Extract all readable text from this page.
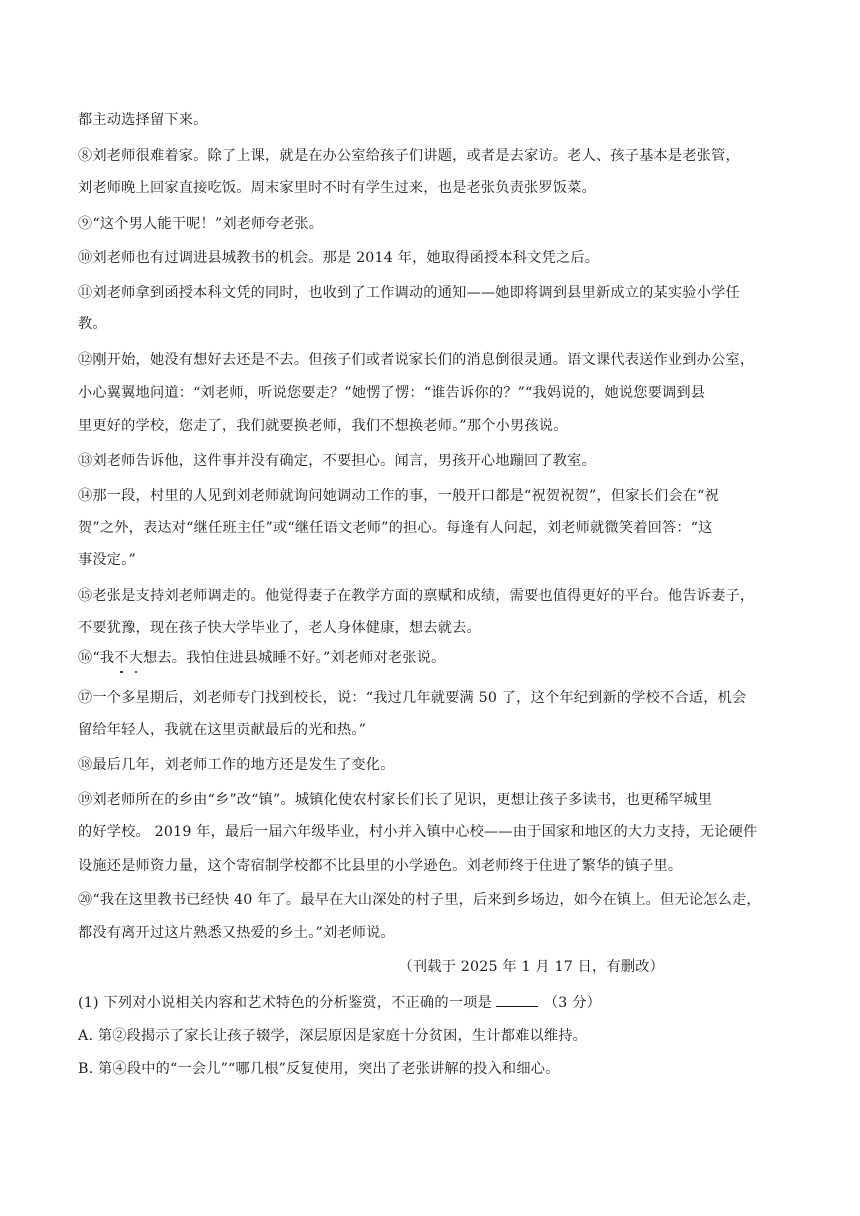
都主动选择留下来。
⑧刘老师很难着家。除了上课，就是在办公室给孩子们讲题，或者是去家访。老人、孩子基本是老张管，
刘老师晚上回家直接吃饭。周末家里时不时有学生过来，也是老张负责张罗饭菜。
⑨“这个男人能干呢！”刘老师夸老张。
⑩刘老师也有过调进县城教书的机会。那是 2014 年，她取得函授本科文凭之后。
⑪刘老师拿到函授本科文凭的同时，也收到了工作调动的通知——她即将调到县里新成立的某实验小学任
教。
⑫刚开始，她没有想好去还是不去。但孩子们或者说家长们的消息倒很灵通。语文课代表送作业到办公室，
小心翼翼地问道：“刘老师，听说您要走？”她愣了愣：“谁告诉你的？”“我妈说的，她说您要调到县
里更好的学校，您走了，我们就要换老师，我们不想换老师。”那个小男孩说。
⑬刘老师告诉他，这件事并没有确定，不要担心。闻言，男孩开心地蹦回了教室。
⑭那一段，村里的人见到刘老师就询问她调动工作的事，一般开口都是“祝贺祝贺”，但家长们会在“祝
贺”之外，表达对“继任班主任”或“继任语文老师”的担心。每逢有人问起，刘老师就微笑着回答：“这
事没定。”
⑮老张是支持刘老师调走的。他觉得妻子在教学方面的禀赋和成绩，需要也值得更好的平台。他告诉妻子，
不要犹豫，现在孩子快大学毕业了，老人身体健康，想去就去。
⑯“我不大想去。我怕住进县城睡不好。”刘老师对老张说。
⑰一个多星期后，刘老师专门找到校长，说：“我过几年就要满 50 了，这个年纪到新的学校不合适，机会
留给年轻人，我就在这里贡献最后的光和热。”
⑱最后几年，刘老师工作的地方还是发生了变化。
⑲刘老师所在的乡由“乡”改“镇”。城镇化使农村家长们长了见识，更想让孩子多读书，也更稀罕城里
的好学校。 2019 年，最后一届六年级毕业，村小并入镇中心校——由于国家和地区的大力支持，无论硬件
设施还是师资力量，这个寄宿制学校都不比县里的小学逊色。刘老师终于住进了繁华的镇子里。
⑳“我在这里教书已经快 40 年了。最早在大山深处的村子里，后来到乡场边，如今在镇上。但无论怎么走，
都没有离开过这片熟悉又热爱的乡土。”刘老师说。
（刊载于 2025 年 1 月 17 日，有删改）
(1) 下列对小说相关内容和艺术特色的分析鉴赏，不正确的一项是	（3 分）
A. 第②段揭示了家长让孩子辍学，深层原因是家庭十分贫困，生计都难以维持。
B. 第④段中的“一会儿”“哪几根”反复使用，突出了老张讲解的投入和细心。
